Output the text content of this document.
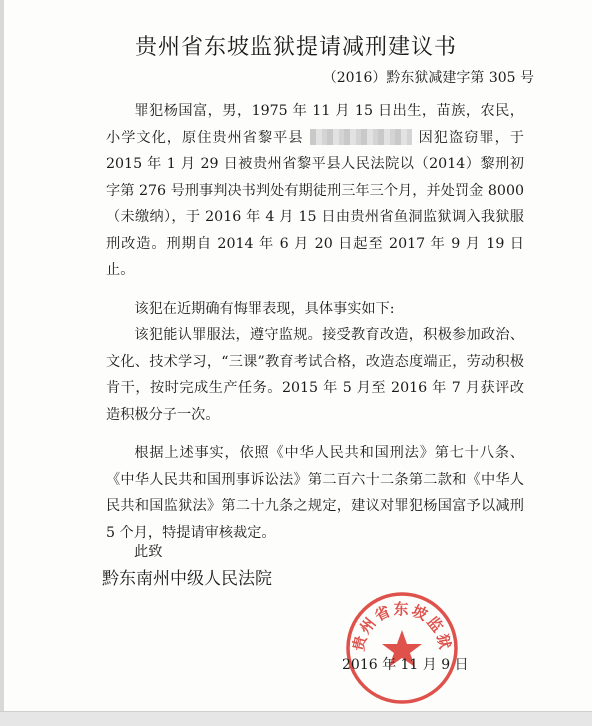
贵州省东坡监狱提请减刑建议书
（2016）黔东狱减建字第 305 号

罪犯杨国富，男，1975 年 11 月 15 日出生，苗族，农民，小学文化，原住贵州省黎平县	因犯盗窃罪，于 2015 年 1 月 29 日被贵州省黎平县人民法院以（2014）黎刑初字第 276 号刑事判决书判处有期徒刑三年三个月，并处罚金 8000（未缴纳），于 2016 年 4 月 15 日由贵州省鱼洞监狱调入我狱服刑改造。刑期自 2014 年 6 月 20 日起至 2017 年 9 月 19 日止。

该犯在近期确有悔罪表现，具体事实如下:

该犯能认罪服法，遵守监规。接受教育改造，积极参加政治、文化、技术学习，“三课”教育考试合格，改造态度端正，劳动积极肯干，按时完成生产任务。2015 年 5 月至 2016 年 7 月获评改造积极分子一次。

根据上述事实，依照《中华人民共和国刑法》第七十八条、《中华人民共和国刑事诉讼法》第二百六十二条第二款和《中华人民共和国监狱法》第二十九条之规定，建议对罪犯杨国富予以减刑 5 个月，特提请审核裁定。

此致
黔东南州中级人民法院
贵州省东坡监狱
2016 年 11 月 9 日
